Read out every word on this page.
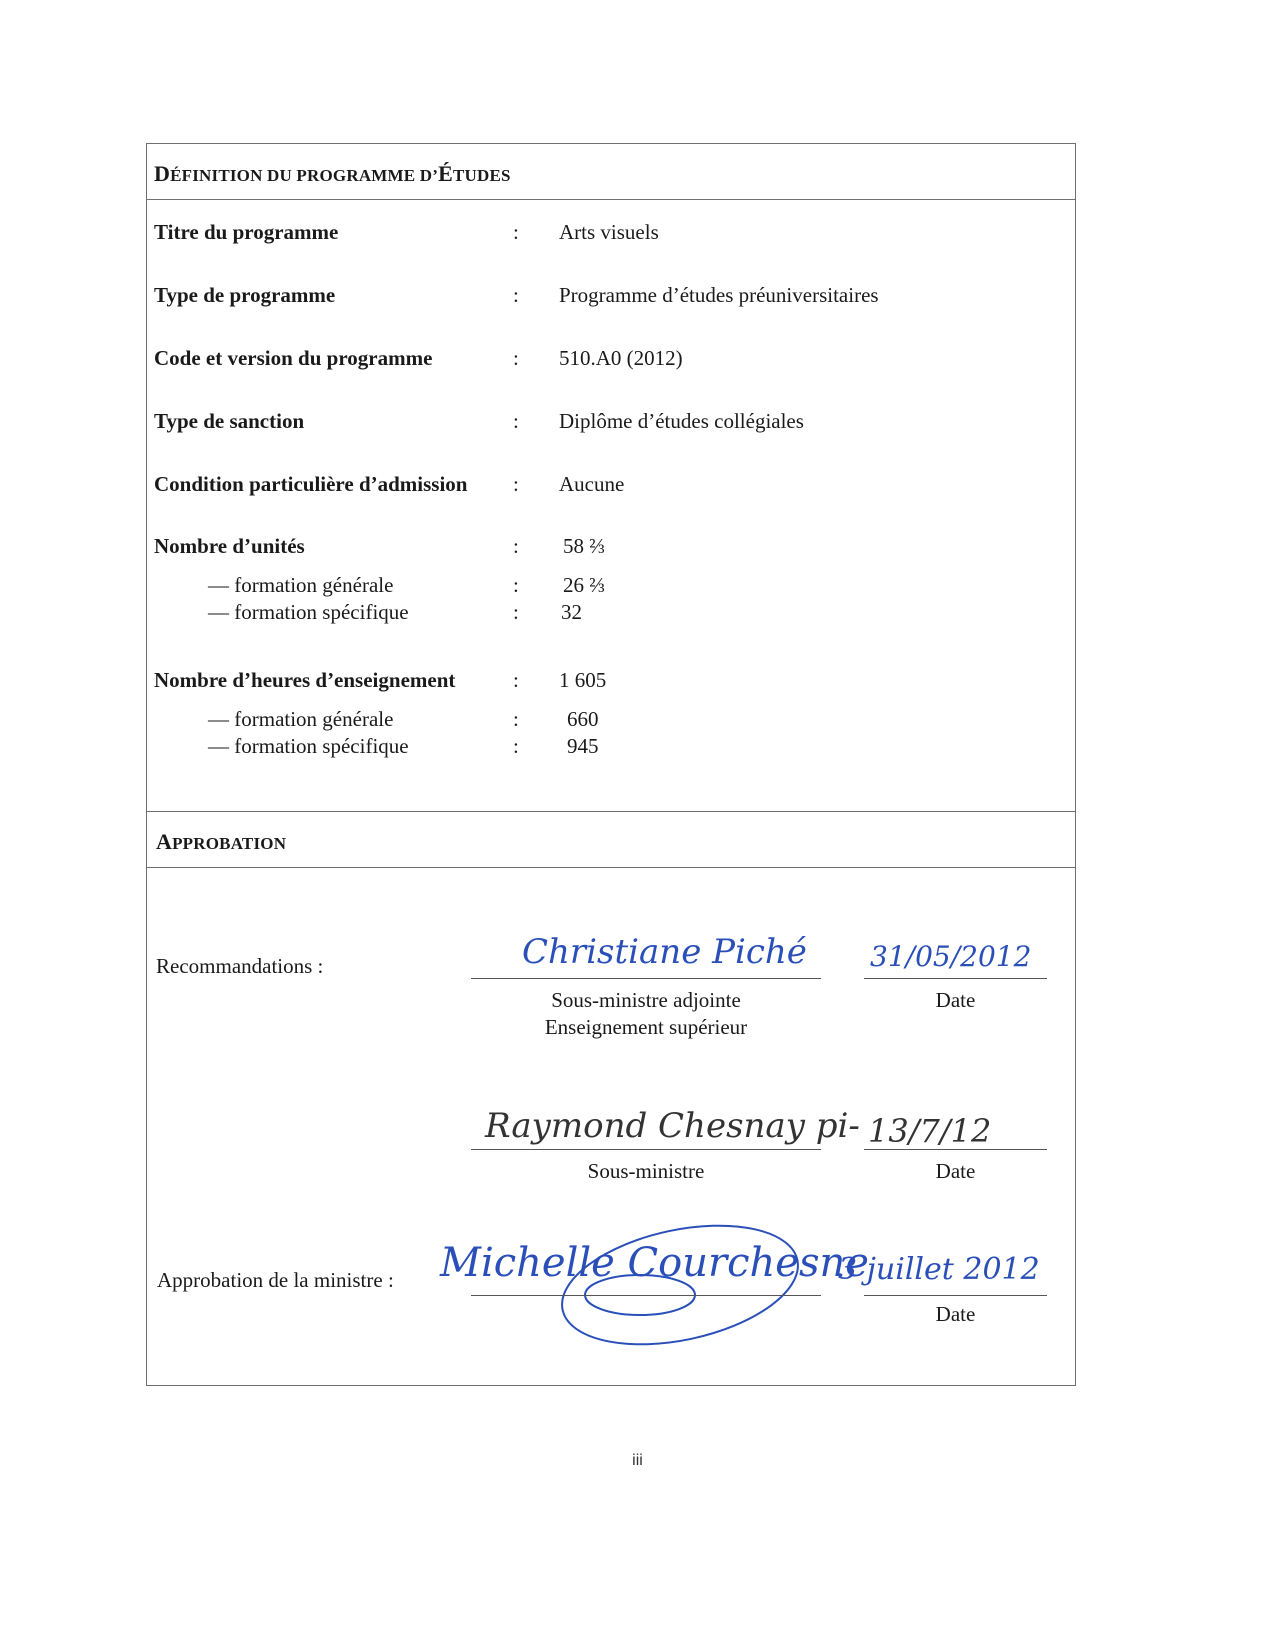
DÉFINITION DU PROGRAMME D’ÉTUDES
Titre du programme	: Arts visuels
Type de programme	: Programme d’études préuniversitaires
Code et version du programme	: 510.A0 (2012)
Type de sanction	: Diplôme d’études collégiales
Condition particulière d’admission : Aucune
Nombre d’unités	: 58 ⅔
— formation générale	: 26 ⅔
— formation spécifique	: 32
Nombre d’heures d’enseignement	: 1 605
— formation générale	: 660
— formation spécifique	: 945
APPROBATION
Recommandations :	Christiane Piché
Sous-ministre adjointe
Enseignement supérieur
31/05/2012
Date
Raymond Chesnay pi-
Sous-ministre
13/7/12
Date
Approbation de la ministre : Michelle Courchesne
3 juillet 2012
Date
iii
